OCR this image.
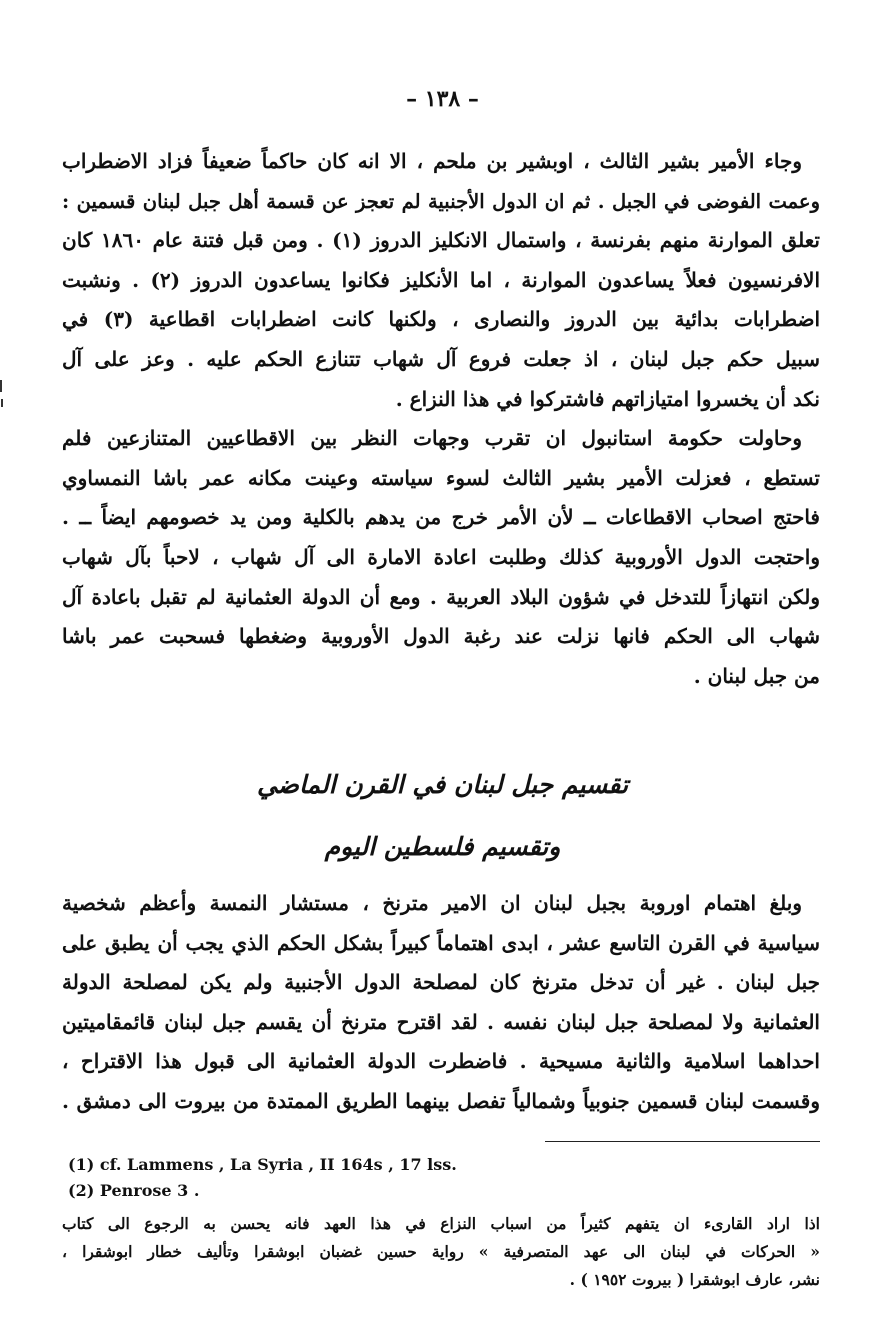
– ١٣٨ –

وجاء الأمير بشير الثالث ، اوبشير بن ملحم ، الا انه كان حاكماً ضعيفاً فزاد الاضطراب
وعمت الفوضى في الجبل . ثم ان الدول الأجنبية لم تعجز عن قسمة أهل جبل لبنان قسمين :
تعلق الموارنة منهم بفرنسة ، واستمال الانكليز الدروز (١) . ومن قبل فتنة عام ١٨٦٠ كان
الافرنسيون فعلاً يساعدون الموارنة ، اما الأنكليز فكانوا يساعدون الدروز (٢) . ونشبت
اضطرابات بدائية بين الدروز والنصارى ، ولكنها كانت اضطرابات اقطاعية (٣) في
سبيل حكم جبل لبنان ، اذ جعلت فروع آل شهاب تتنازع الحكم عليه . وعز على آل
نكد أن يخسروا امتيازاتهم فاشتركوا في هذا النزاع .

وحاولت حكومة استانبول ان تقرب وجهات النظر بين الاقطاعيين المتنازعين فلم
تستطع ، فعزلت الأمير بشير الثالث لسوء سياسته وعينت مكانه عمر باشا النمساوي
فاحتج اصحاب الاقطاعات ــ لأن الأمر خرج من يدهم بالكلية ومن يد خصومهم ايضاً ــ .
واحتجت الدول الأوروبية كذلك وطلبت اعادة الامارة الى آل شهاب ، لاحباً بآل شهاب
ولكن انتهازاً للتدخل في شؤون البلاد العربية . ومع أن الدولة العثمانية لم تقبل باعادة آل
شهاب الى الحكم فانها نزلت عند رغبة الدول الأوروبية وضغطها فسحبت عمر باشا
من جبل لبنان .

تقسيم جبل لبنان في القرن الماضي
وتقسيم فلسطين اليوم

وبلغ اهتمام اوروبة بجبل لبنان ان الامير مترنخ ، مستشار النمسة وأعظم شخصية
سياسية في القرن التاسع عشر ، ابدى اهتماماً كبيراً بشكل الحكم الذي يجب أن يطبق على
جبل لبنان . غير أن تدخل مترنخ كان لمصلحة الدول الأجنبية ولم يكن لمصلحة الدولة
العثمانية ولا لمصلحة جبل لبنان نفسه . لقد اقترح مترنخ أن يقسم جبل لبنان قائمقاميتين
احداهما اسلامية والثانية مسيحية . فاضطرت الدولة العثمانية الى قبول هذا الاقتراح ،
وقسمت لبنان قسمين جنوبياً وشمالياً تفصل بينهما الطريق الممتدة من بيروت الى دمشق .

(1) cf. Lammens , La Syria , II 164s , 17 lss.
(2) Penrose 3 .
اذا اراد القارىء ان يتفهم كثيراً من اسباب النزاع في هذا العهد فانه يحسن به الرجوع الى كتاب
« الحركات في لبنان الى عهد المتصرفية » رواية حسين غضبان ابوشقرا وتأليف خطار ابوشقرا ،
نشر، عارف ابوشقرا ( بيروت ١٩٥٢ ) .
